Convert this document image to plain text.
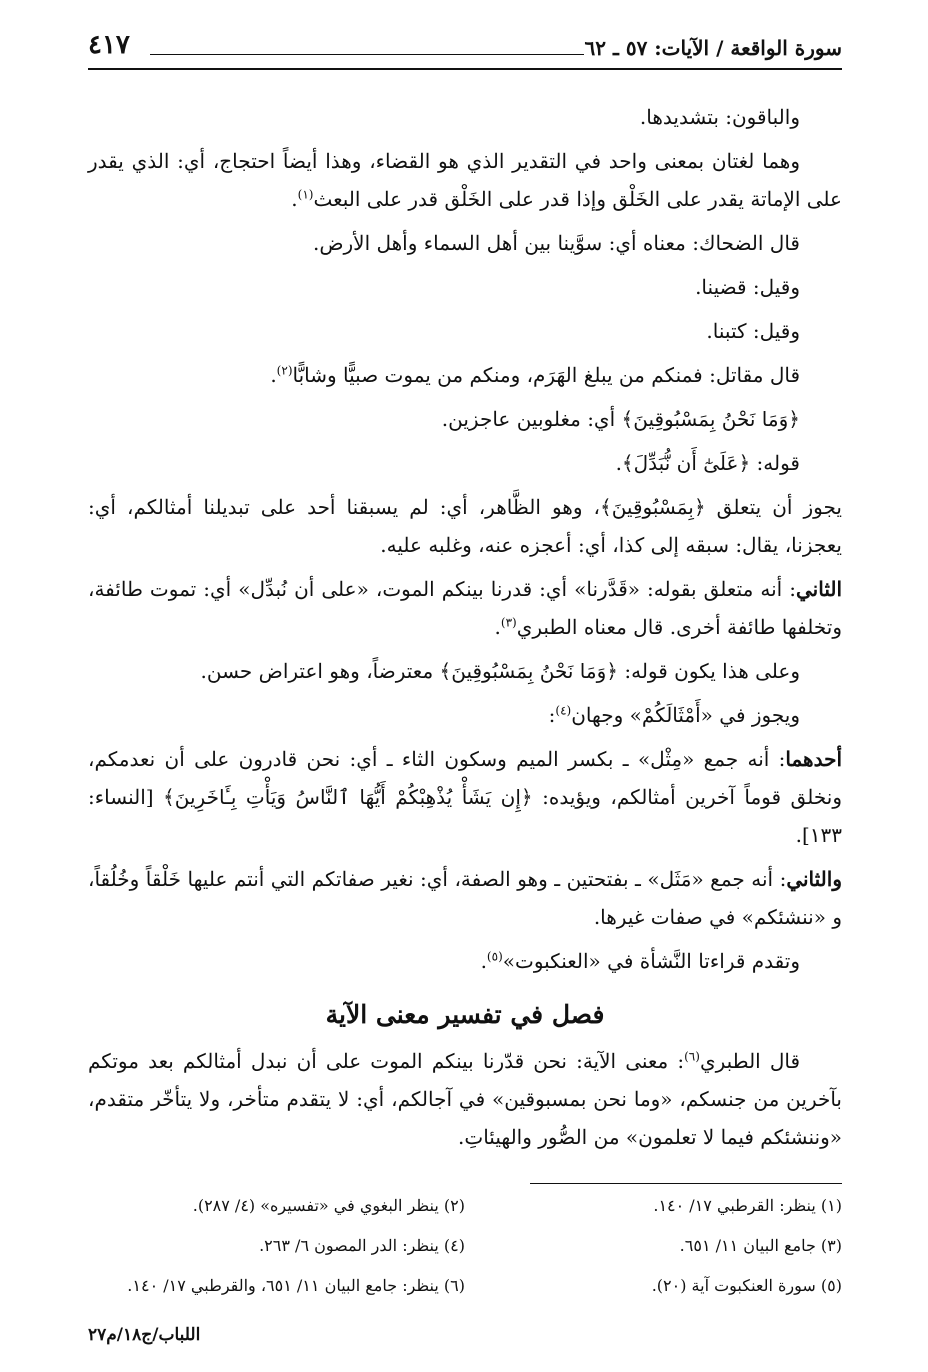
سورة الواقعة / الآيات: ٥٧ ـ ٦٢
٤١٧

والباقون: بتشديدها.

وهما لغتان بمعنى واحد في التقدير الذي هو القضاء، وهذا أيضاً احتجاج، أي: الذي يقدر على الإماتة يقدر على الخَلْق وإذا قدر على الخَلْق قدر على البعث$^{(١)}$.

قال الضحاك: معناه أي: سوَّينا بين أهل السماء وأهل الأرض.

وقيل: قضينا.

وقيل: كتبنا.

قال مقاتل: فمنكم من يبلغ الهَرَم، ومنكم من يموت صبيًّا وشابًّا$^{(٢)}$.

﴿وَمَا نَحْنُ بِمَسْبُوقِينَ﴾ أي: مغلوبين عاجزين.

قوله: ﴿عَلَىٰٓ أَن نُّبَدِّلَ﴾.

يجوز أن يتعلق ﴿بِمَسْبُوقِينَ﴾، وهو الظَّاهر، أي: لم يسبقنا أحد على تبديلنا أمثالكم، أي: يعجزنا، يقال: سبقه إلى كذا، أي: أعجزه عنه، وغلبه عليه.

الثاني: أنه متعلق بقوله: «قَدَّرنا» أي: قدرنا بينكم الموت، «على أن نُبدِّل» أي: تموت طائفة، وتخلفها طائفة أخرى. قال معناه الطبري$^{(٣)}$.

وعلى هذا يكون قوله: ﴿وَمَا نَحْنُ بِمَسْبُوقِينَ﴾ معترضاً، وهو اعتراض حسن.

ويجوز في «أَمْثَالَكُمْ» وجهان$^{(٤)}$:

أحدهما: أنه جمع «مِثْل» ـ بكسر الميم وسكون الثاء ـ أي: نحن قادرون على أن نعدمكم، ونخلق قوماً آخرين أمثالكم، ويؤيده: ﴿إِن يَشَأْ يُذْهِبْكُمْ أَيُّهَا ٱلنَّاسُ وَيَأْتِ بِـَٔاخَرِينَ﴾ [النساء: ١٣٣].

والثاني: أنه جمع «مَثَل» ـ بفتحتين ـ وهو الصفة، أي: نغير صفاتكم التي أنتم عليها خَلْقاً وخُلُقاً، و «ننشئكم» في صفات غيرها.

وتقدم قراءتا النَّشأة في «العنكبوت»$^{(٥)}$.

فصل في تفسير معنى الآية

قال الطبري$^{(٦)}$: معنى الآية: نحن قدّرنا بينكم الموت على أن نبدل أمثالكم بعد موتكم بآخرين من جنسكم، «وما نحن بمسبوقين» في آجالكم، أي: لا يتقدم متأخر، ولا يتأخّر متقدم، «وننشئكم فيما لا تعلمون» من الصُّور والهيئاتِ.

(١) ينظر: القرطبي ١٧/ ١٤٠.
(٢) ينظر البغوي في «تفسيره» (٤/ ٢٨٧).
(٣) جامع البيان ١١/ ٦٥١.
(٤) ينظر: الدر المصون ٦/ ٢٦٣.
(٥) سورة العنكبوت آية (٢٠).
(٦) ينظر: جامع البيان ١١/ ٦٥١، والقرطبي ١٧/ ١٤٠.
اللباب/ج١٨/م٢٧
